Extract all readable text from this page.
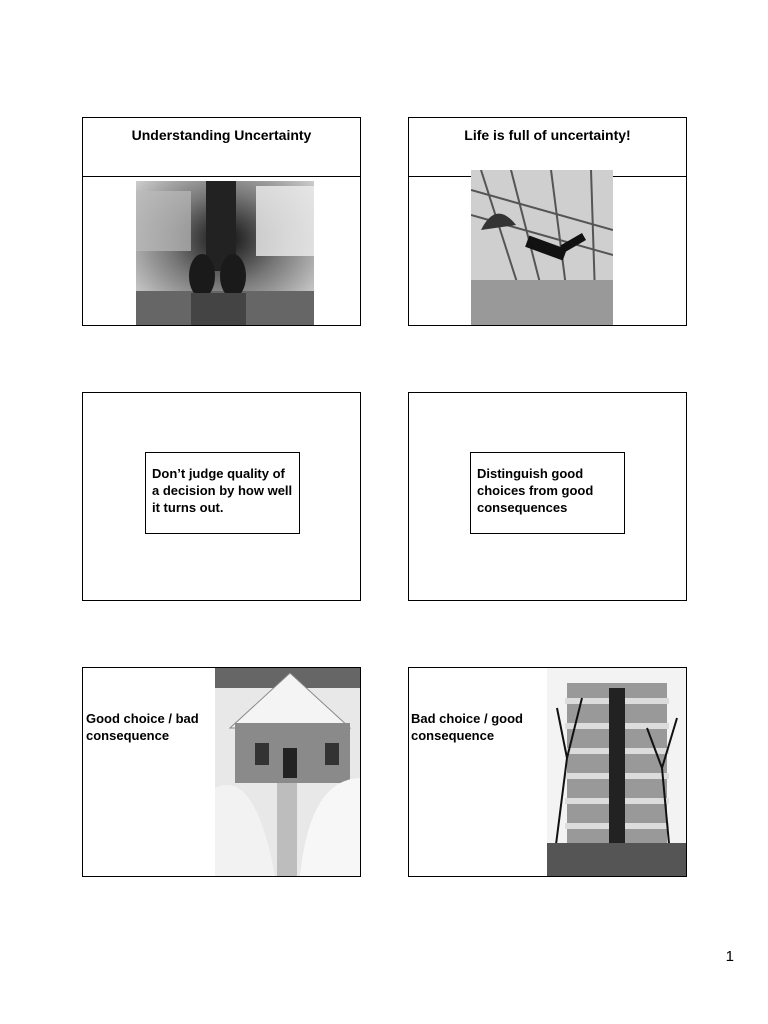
Understanding Uncertainty	Life is full of uncertainty!
Don’t judge quality of a decision by how well it turns out.
Distinguish good choices from good consequences
Good choice / bad consequence
Bad choice / good consequence
1
